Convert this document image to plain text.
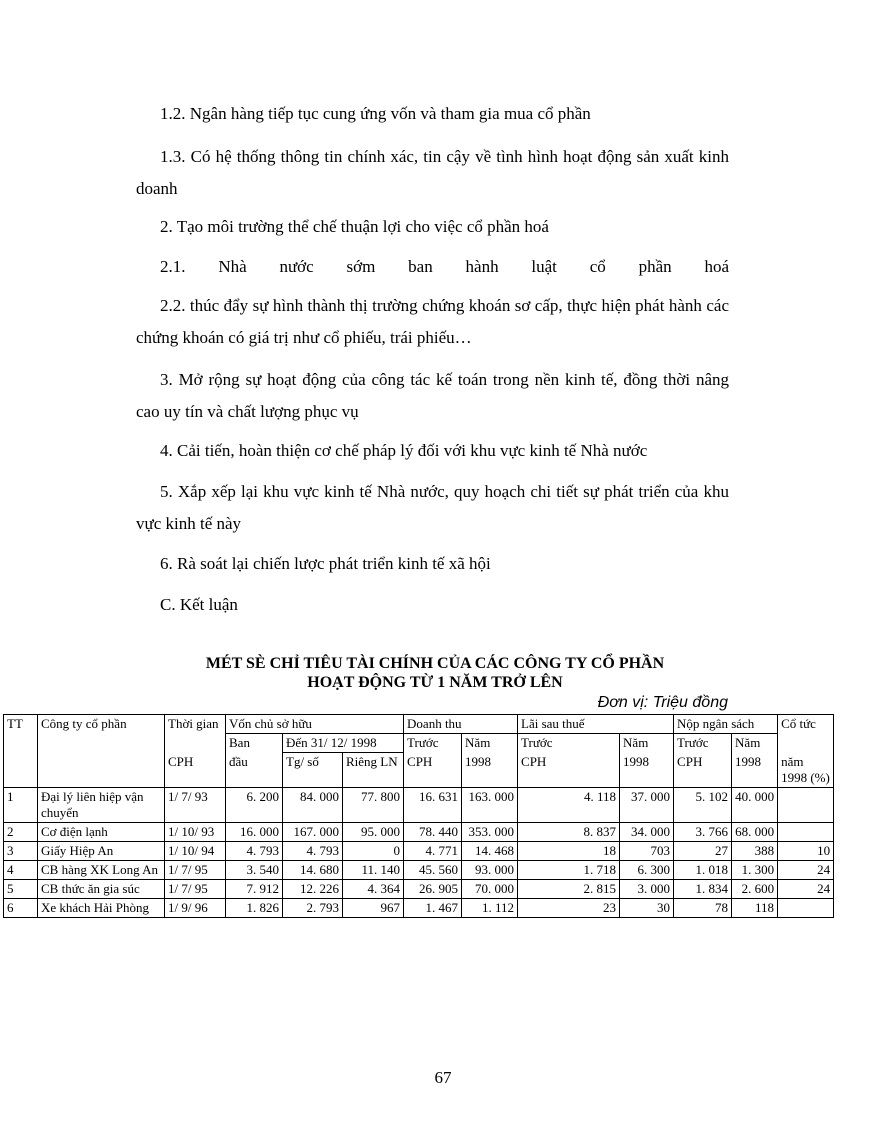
1.2. Ngân hàng tiếp tục cung ứng vốn và tham gia mua cổ phần
1.3. Có hệ thống thông tin chính xác, tin cậy về tình hình hoạt động sản xuất kinh doanh
2. Tạo môi trường thể chế thuận lợi cho việc cổ phần hoá
2.1. Nhà nước sớm ban hành luật cổ phần hoá
2.2. thúc đẩy sự hình thành thị trường chứng khoán sơ cấp, thực hiện phát hành các chứng khoán có giá trị như cổ phiếu, trái phiếu…
3. Mở rộng sự hoạt động của công tác kế toán trong nền kinh tế, đồng thời nâng cao uy tín và chất lượng phục vụ
4. Cải tiến, hoàn thiện cơ chế pháp lý đối với khu vực kinh tế Nhà nước
5. Xắp xếp lại khu vực kinh tế Nhà nước, quy hoạch chi tiết sự phát triển của khu vực kinh tế này
6. Rà soát lại chiến lược phát triển kinh tế xã hội
C. Kết luận
MÉT SÈ CHỈ TIÊU TÀI CHÍNH CỦA CÁC CÔNG TY CỔ PHẦN
HOẠT ĐỘNG TỪ 1 NĂM TRỞ LÊN
Đơn vị: Triệu đồng
TT	Công ty cổ phần	Thời gian	Vốn chủ sở hữu			Doanh thu		Lãi sau thuế		Nộp ngân sách		Cổ tức
			Ban	Đến 31/ 12/ 1998		Trước	Năm	Trước	Năm	Trước	Năm	
		CPH	đầu	Tg/ số	Riêng LN	CPH	1998	CPH	1998	CPH	1998	năm 1998 (%)
1	Đại lý liên hiệp vận chuyển	1/ 7/ 93	6. 200	84. 000	77. 800	16. 631	163. 000	4. 118	37. 000	5. 102	40. 000	
2	Cơ điện lạnh	1/ 10/ 93	16. 000	167. 000	95. 000	78. 440	353. 000	8. 837	34. 000	3. 766	68. 000	
3	Giấy Hiệp An	1/ 10/ 94	4. 793	4. 793	0	4. 771	14. 468	18	703	27	388	10
4	CB hàng XK Long An	1/ 7/ 95	3. 540	14. 680	11. 140	45. 560	93. 000	1. 718	6. 300	1. 018	1. 300	24
5	CB thức ăn gia súc	1/ 7/ 95	7. 912	12. 226	4. 364	26. 905	70. 000	2. 815	3. 000	1. 834	2. 600	24
6	Xe khách Hải Phòng	1/ 9/ 96	1. 826	2. 793	967	1. 467	1. 112	23	30	78	118	
67
